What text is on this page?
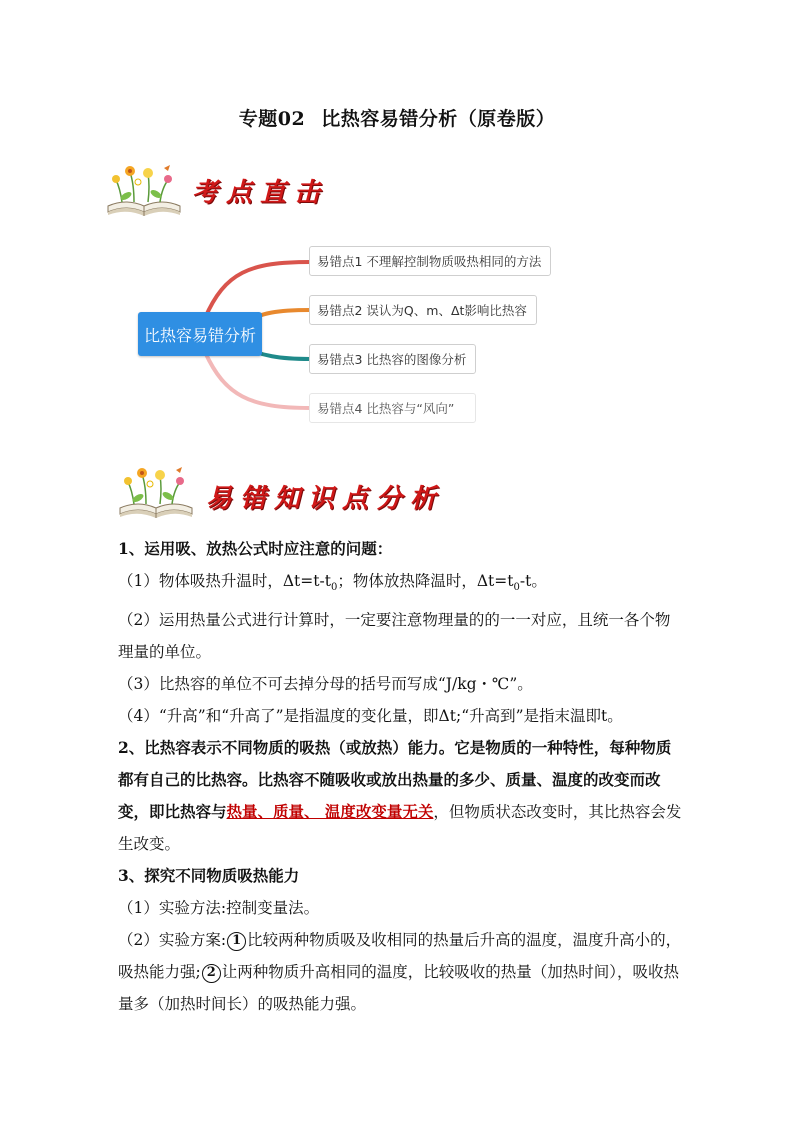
专题02 比热容易错分析（原卷版）
考点直击
比热容易错分析
易错点1 不理解控制物质吸热相同的方法
易错点2 误认为Q、m、Δt影响比热容
易错点3 比热容的图像分析
易错点4 比热容与“风向”
易错知识点分析

1、运用吸、放热公式时应注意的问题：

（1）物体吸热升温时，$\Delta t=t-t_0$；物体放热降温时，$\Delta t=t_0-t$。

（2）运用热量公式进行计算时，一定要注意物理量的的一一对应，且统一各个物理量的单位。

（3）比热容的单位不可去掉分母的括号而写成“J/kg・℃”。

（4）“升高”和“升高了”是指温度的变化量，即Δt;“升高到”是指末温即t。

2、比热容表示不同物质的吸热（或放热）能力。它是物质的一种特性，每种物质都有自己的比热容。比热容不随吸收或放出热量的多少、质量、温度的改变而改变，即比热容与热量、质量、 温度改变量无关，但物质状态改变时，其比热容会发生改变。

3、探究不同物质吸热能力

（1）实验方法:控制变量法。

（2）实验方案: 1 比较两种物质吸及收相同的热量后升高的温度，温度升高小的，吸热能力强; 2 让两种物质升高相同的温度，比较吸收的热量（加热时间），吸收热量多（加热时间长）的吸热能力强。
